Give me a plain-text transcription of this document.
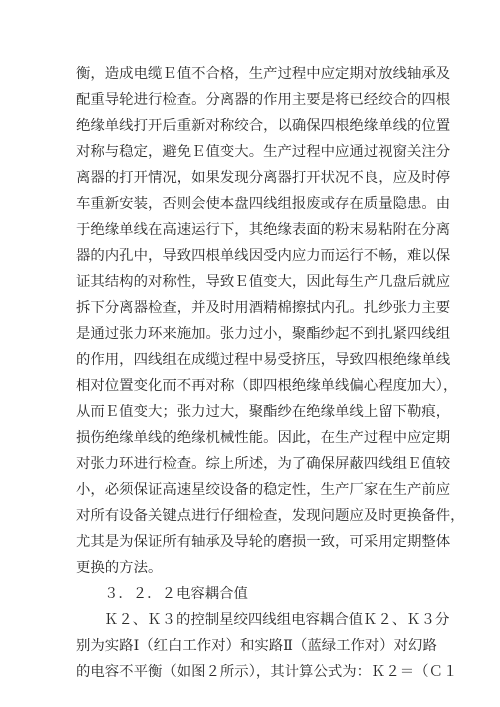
衡，造成电缆Ｅ值不合格，生产过程中应定期对放线轴承及
配重导轮进行检查。分离器的作用主要是将已经绞合的四根
绝缘单线打开后重新对称绞合，以确保四根绝缘单线的位置
对称与稳定，避免Ｅ值变大。生产过程中应通过视窗关注分
离器的打开情况，如果发现分离器打开状况不良，应及时停
车重新安装，否则会使本盘四线组报废或存在质量隐患。由
于绝缘单线在高速运行下，其绝缘表面的粉末易粘附在分离
器的内孔中，导致四根单线因受内应力而运行不畅，难以保
证其结构的对称性，导致Ｅ值变大，因此每生产几盘后就应
拆下分离器检查，并及时用酒精棉擦拭内孔。扎纱张力主要
是通过张力环来施加。张力过小，聚酯纱起不到扎紧四线组
的作用，四线组在成缆过程中易受挤压，导致四根绝缘单线
相对位置变化而不再对称（即四根绝缘单线偏心程度加大），
从而Ｅ值变大；张力过大，聚酯纱在绝缘单线上留下勒痕，
损伤绝缘单线的绝缘机械性能。因此，在生产过程中应定期
对张力环进行检查。综上所述，为了确保屏蔽四线组Ｅ值较
小，必须保证高速星绞设备的稳定性，生产厂家在生产前应
对所有设备关键点进行仔细检查，发现问题应及时更换备件，
尤其是为保证所有轴承及导轮的磨损一致，可采用定期整体
更换的方法。
３．２．２电容耦合值
Ｋ２、Ｋ３的控制星绞四线组电容耦合值Ｋ２、Ｋ３分
别为实路Ⅰ（红白工作对）和实路Ⅱ（蓝绿工作对）对幻路
的电容不平衡（如图２所示），其计算公式为：Ｋ２＝（Ｃ１
